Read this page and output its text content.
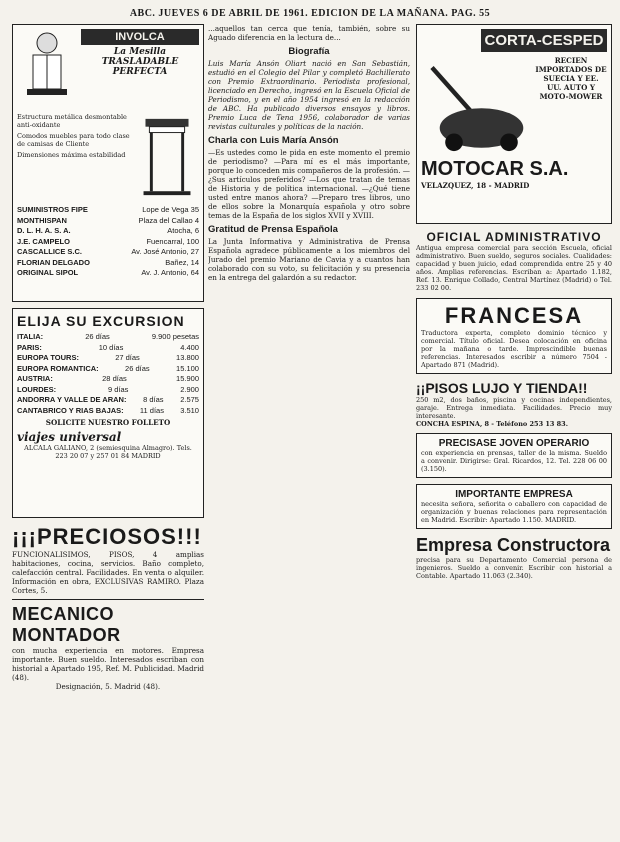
ABC. JUEVES 6 DE ABRIL DE 1961. EDICION DE LA MAÑANA. PAG. 55
INVOLCA
La Mesilla TRASLADABLE PERFECTA
Estructura metálica desmontable anti-oxidante
Comodos muebles para todo clase de camisas de Cliente
Dimensiones máxima estabilidad
SUMINISTROS FIPE	Lope de Vega 35
MONTHISPAN	Plaza del Callao 4
D. L. H. A. S. A.	Atocha, 6
J.E. CAMPELO	Fuencarral, 100
CASCALLICE S.C.	Av. José Antonio, 27
FLORIAN DELGADO	Bañez, 14
ORIGINAL SIPOL	Av. J. Antonio, 64
ELIJA SU EXCURSION
ITALIA:	26 días	9.900 pesetas
PARIS:	10 días	4.400
EUROPA TOURS:	27 días	13.800
EUROPA ROMANTICA:	26 días	15.100
AUSTRIA:	28 días	15.900
LOURDES:	9 días	2.900
ANDORRA Y VALLE DE ARAN: 8 días 2.575
CANTABRICO Y RIAS BAJAS: 11 días 3.510
SOLICITE NUESTRO FOLLETO
viajes universal
ALCALA GALIANO, 2 (semiesquina Almagro). Tels. 223 20 07 y 257 01 84 MADRID
¡¡¡PRECIOSOS!!!
FUNCIONALISIMOS, PISOS, 4 amplias habitaciones, cocina, servicios. Baño completo, calefacción central. Facilidades. En venta o alquiler. Información en obra, EXCLUSIVAS RAMIRO. Plaza Cortes, 5.
MECANICO MONTADOR
con mucha experiencia en motores. Empresa importante. Buen sueldo. Interesados escriban con historial a Apartado 195, Ref. M. Publicidad. Madrid (48).
Designación, 5. Madrid (48).
...aquellos tan cerca que tenía, también, sobre su Aguado diferencia en la lectura de...
Biografía
Luis María Ansón Oliart nació en San Sebastián, estudió en el Colegio del Pilar y completó Bachillerato con Premio Extraordinario. Periodista profesional, licenciado en Derecho, ingresó en la Escuela Oficial de Periodismo, y en el año 1954 ingresó en la redacción de ABC. Ha publicado diversos ensayos y libros. Premio Luca de Tena 1956, colaborador de varias revistas culturales y políticas de la nación.
Charla con Luis María Ansón
—Es ustedes como le pida en este momento el premio de periodismo? —Para mí es el más importante, porque lo conceden mis compañeros de la profesión. —¿Sus artículos preferidos? —Los que tratan de temas de Historia y de política internacional. —¿Qué tiene usted entre manos ahora? —Preparo tres libros, uno de ellos sobre la Monarquía española y otro sobre temas de la España de los siglos XVII y XVIII.
Gratitud de Prensa Española
La Junta Informativa y Administrativa de Prensa Española agradece públicamente a los miembros del Jurado del premio Mariano de Cavia y a cuantos han colaborado con su voto, su felicitación y su presencia en la entrega del galardón a su redactor.
CORTA-CESPED
RECIEN IMPORTADOS DE SUECIA Y EE. UU. AUTO Y MOTO-MOWER
MOTOCAR S.A.
VELAZQUEZ, 18 - MADRID
OFICIAL ADMINISTRATIVO
Antigua empresa comercial para sección Escuela, oficial administrativo. Buen sueldo, seguros sociales. Cualidades: capacidad y buen juicio, edad comprendida entre 25 y 40 años. Amplias referencias. Escriban a: Apartado 1.182, Ref. 13. Enrique Collado, Central Martínez (Madrid) o Tel. 233 02 00.
FRANCESA
Traductora experta, completo dominio técnico y comercial. Título oficial. Desea colocación en oficina por la mañana o tarde. Imprescindible buenas referencias. Interesados escribir a número 7504 - Apartado 871 (Madrid).
¡¡PISOS LUJO Y TIENDA!!
250 m2, dos baños, piscina y cocinas independientes, garaje. Entrega inmediata. Facilidades. Precio muy interesante.
CONCHA ESPINA, 8 - Teléfono 253 13 83.
PRECISASE JOVEN OPERARIO
con experiencia en prensas, taller de la misma. Sueldo a convenir. Dirigirse: Gral. Ricardos, 12. Tel. 228 06 00 (3.150).
IMPORTANTE EMPRESA
necesita señora, señorita o caballero con capacidad de organización y buenas relaciones para representación en Madrid. Escribir: Apartado 1.150. MADRID.
Empresa Constructora
precisa para su Departamento Comercial persona de ingenieros. Sueldo a convenir. Escribir con historial a Contable. Apartado 11.063 (2.340).
